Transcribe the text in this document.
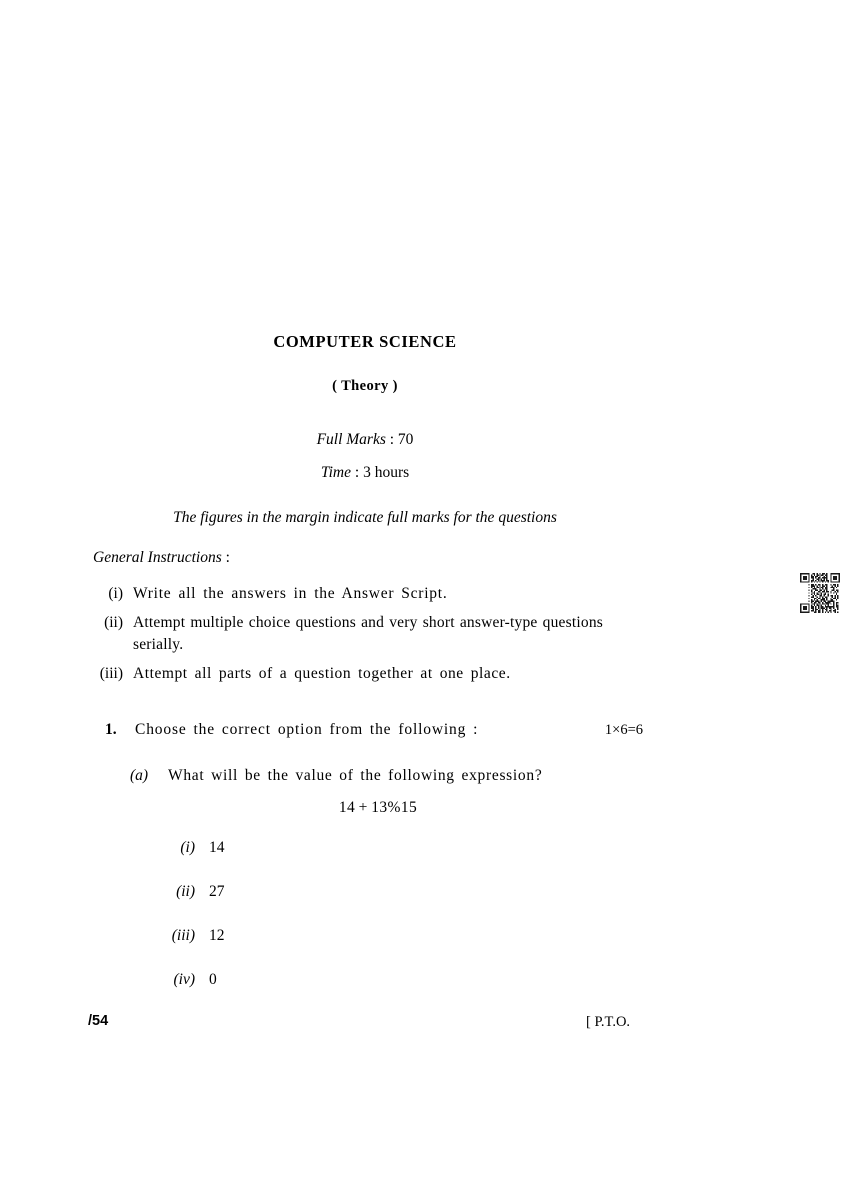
COMPUTER SCIENCE
( Theory )
Full Marks : 70
Time : 3 hours
The figures in the margin indicate full marks for the questions
General Instructions :
(i) Write all the answers in the Answer Script.
(ii) Attempt multiple choice questions and very short answer-type questions serially.
(iii) Attempt all parts of a question together at one place.
1.	Choose the correct option from the following :	1×6=6
(a)	What will be the value of the following expression?
14 + 13%15
(i) 14
(ii) 27
(iii) 12
(iv) 0
/54	[ P.T.O.
